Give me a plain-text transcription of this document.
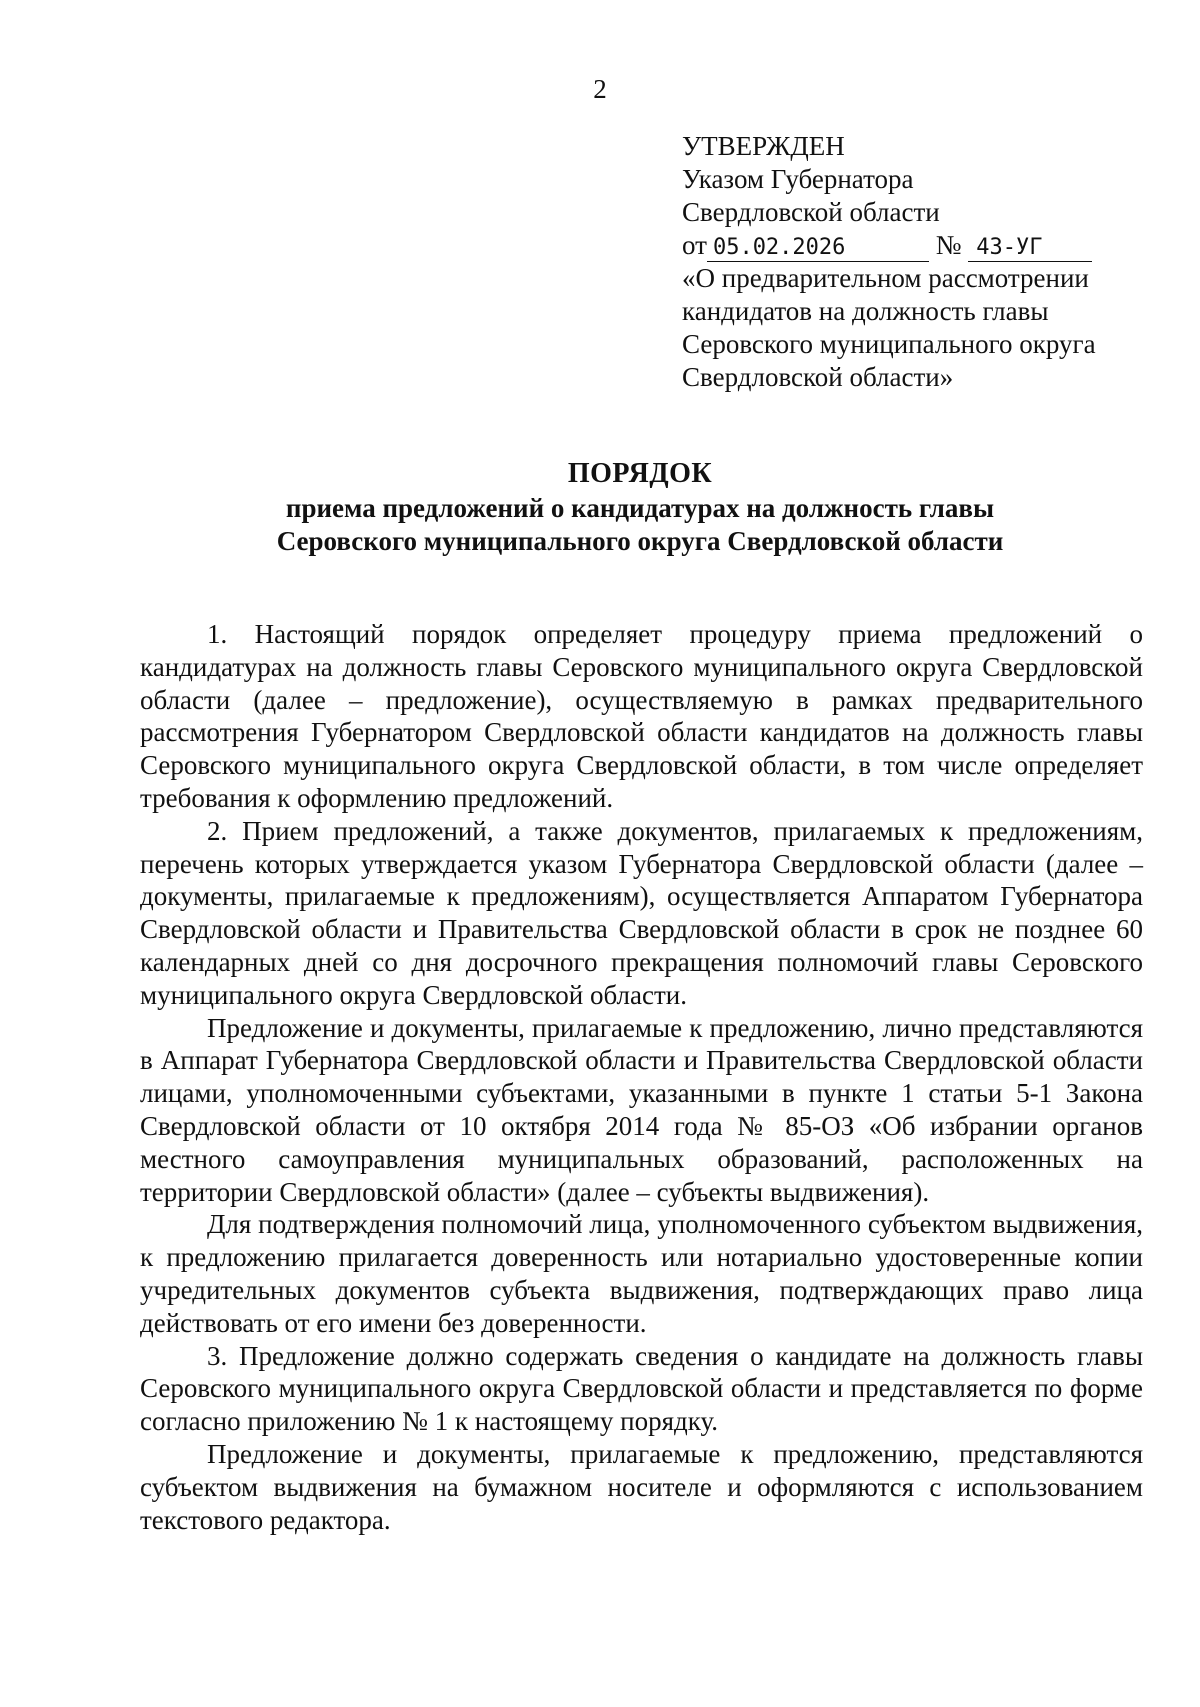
2
УТВЕРЖДЕН
Указом Губернатора
Свердловской области
от 05.02.2026	№ 43-УГ
«О предварительном рассмотрении кандидатов на должность главы Серовского муниципального округа Свердловской области»
ПОРЯДОК
приема предложений о кандидатурах на должность главы
Серовского муниципального округа Свердловской области

1. Настоящий порядок определяет процедуру приема предложений о кандидатурах на должность главы Серовского муниципального округа Свердловской области (далее – предложение), осуществляемую в рамках предварительного рассмотрения Губернатором Свердловской области кандидатов на должность главы Серовского муниципального округа Свердловской области, в том числе определяет требования к оформлению предложений.

2. Прием предложений, а также документов, прилагаемых к предложениям, перечень которых утверждается указом Губернатора Свердловской области (далее – документы, прилагаемые к предложениям), осуществляется Аппаратом Губернатора Свердловской области и Правительства Свердловской области в срок не позднее 60 календарных дней со дня досрочного прекращения полномочий главы Серовского муниципального округа Свердловской области.

Предложение и документы, прилагаемые к предложению, лично представляются в Аппарат Губернатора Свердловской области и Правительства Свердловской области лицами, уполномоченными субъектами, указанными в пункте 1 статьи 5-1 Закона Свердловской области от 10 октября 2014 года № 85-ОЗ «Об избрании органов местного самоуправления муниципальных образований, расположенных на территории Свердловской области» (далее – субъекты выдвижения).

Для подтверждения полномочий лица, уполномоченного субъектом выдвижения, к предложению прилагается доверенность или нотариально удостоверенные копии учредительных документов субъекта выдвижения, подтверждающих право лица действовать от его имени без доверенности.

3. Предложение должно содержать сведения о кандидате на должность главы Серовского муниципального округа Свердловской области и представляется по форме согласно приложению № 1 к настоящему порядку.

Предложение и документы, прилагаемые к предложению, представляются субъектом выдвижения на бумажном носителе и оформляются с использованием текстового редактора.
